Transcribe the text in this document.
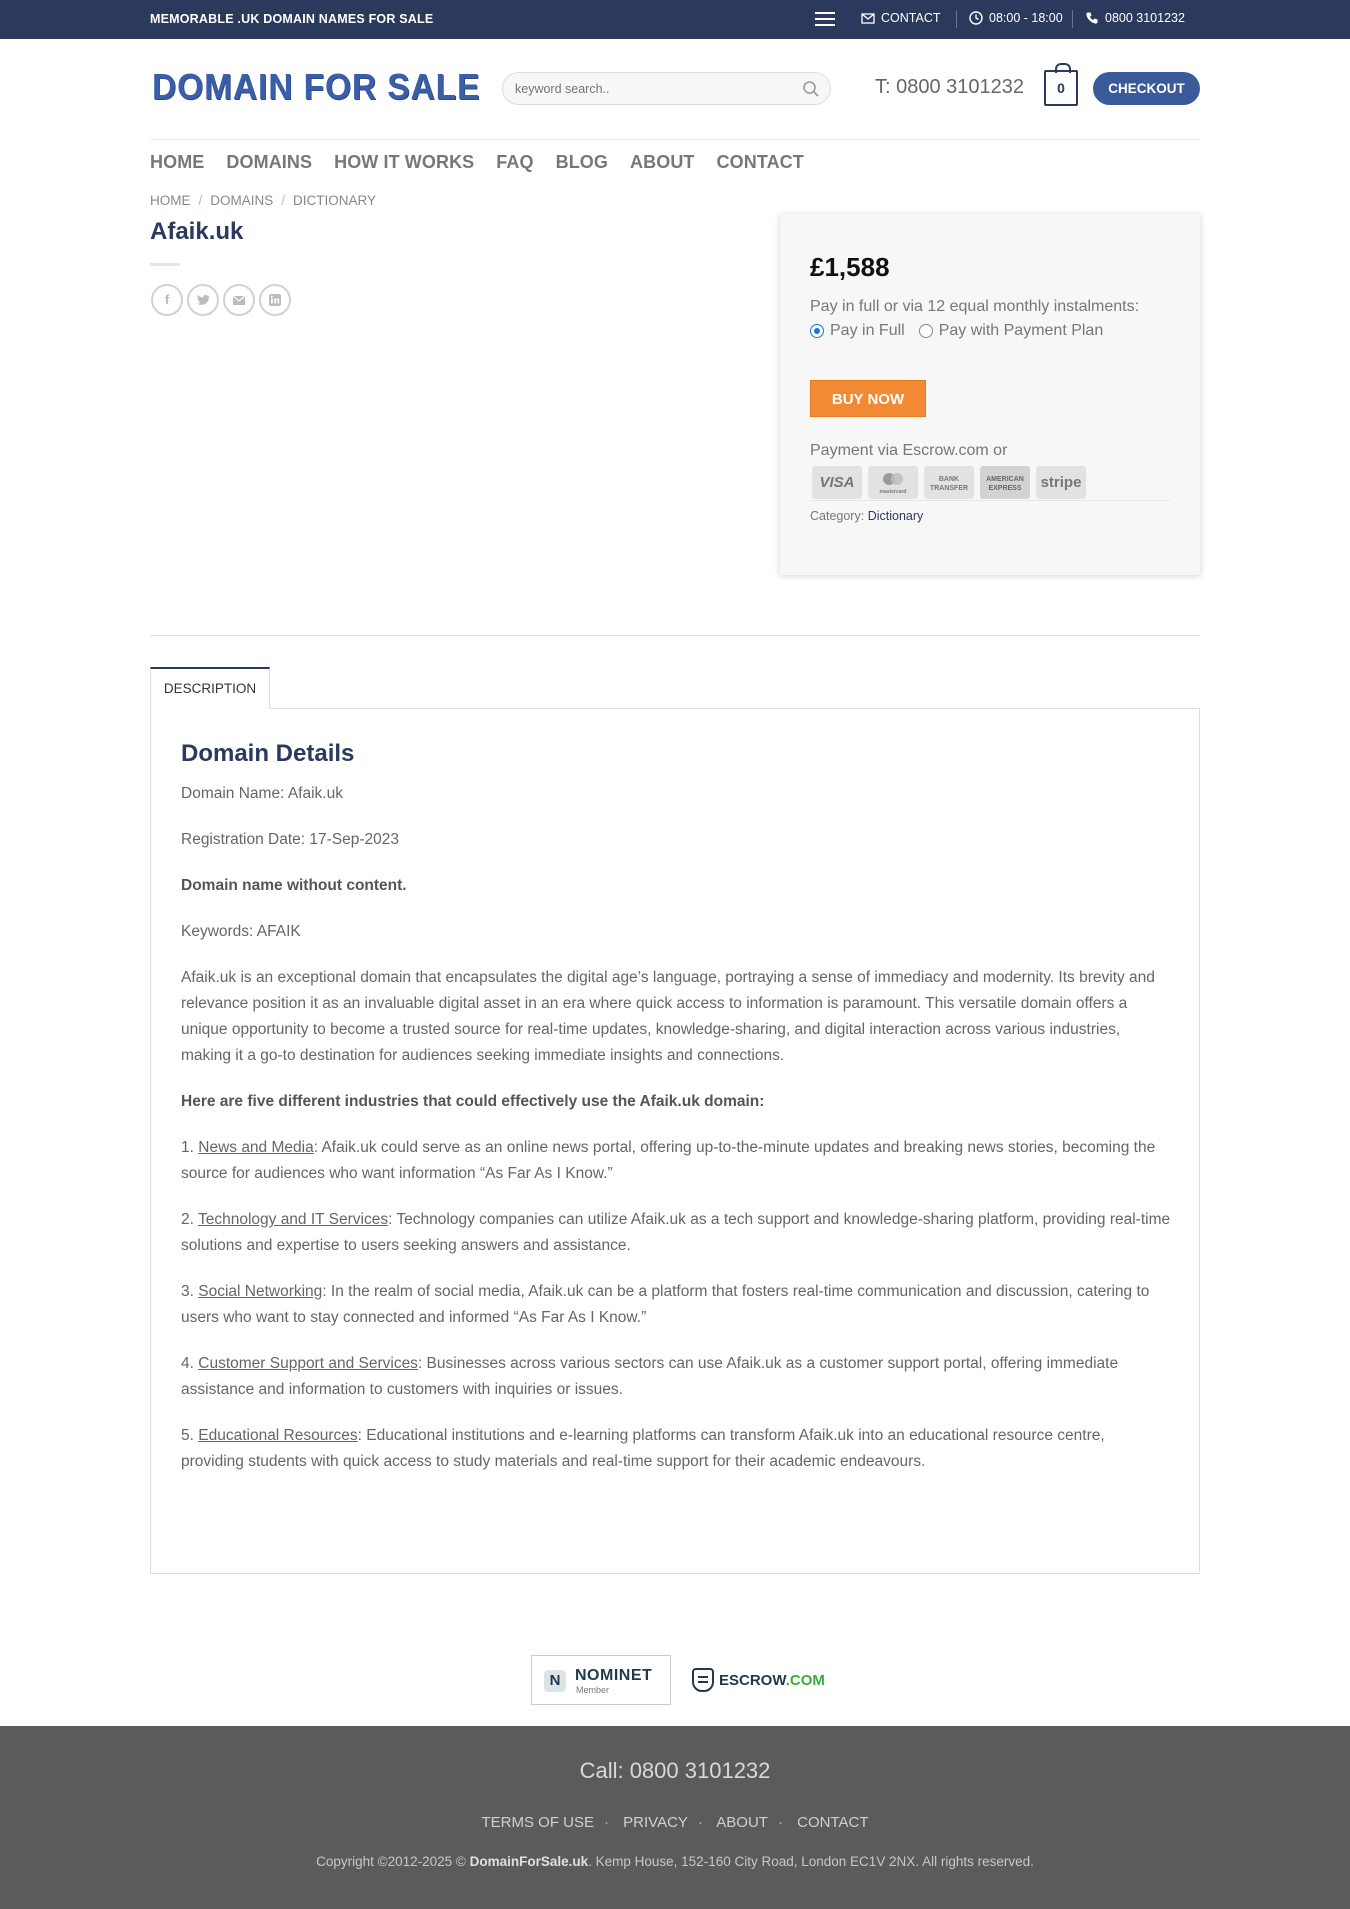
MEMORABLE .UK DOMAIN NAMES FOR SALE	CONTACT	08:00 - 18:00	0800 3101232
DOMAIN FOR SALE
keyword search..	T: 0800 3101232	0	CHECKOUT
HOME DOMAINS HOW IT WORKS FAQ BLOG ABOUT CONTACT
HOME / DOMAINS / DICTIONARY
Afaik.uk
f
£1,588
Pay in full or via 12 equal monthly instalments:
Pay in Full Pay with Payment Plan
BUY NOW
Payment via Escrow.com or
VISA
mastercard
BANK TRANSFER
AMERICAN EXPRESS	stripe
Category: Dictionary
DESCRIPTION
Domain Details

Domain Name: Afaik.uk

Registration Date: 17-Sep-2023

Domain name without content.

Keywords: AFAIK

Afaik.uk is an exceptional domain that encapsulates the digital age’s language, portraying a sense of immediacy and modernity. Its brevity and relevance position it as an invaluable digital asset in an era where quick access to information is paramount. This versatile domain offers a unique opportunity to become a trusted source for real-time updates, knowledge-sharing, and digital interaction across various industries, making it a go-to destination for audiences seeking immediate insights and connections.

Here are five different industries that could effectively use the Afaik.uk domain:

1. News and Media: Afaik.uk could serve as an online news portal, offering up-to-the-minute updates and breaking news stories, becoming the source for audiences who want information “As Far As I Know.”

2. Technology and IT Services: Technology companies can utilize Afaik.uk as a tech support and knowledge-sharing platform, providing real-time solutions and expertise to users seeking answers and assistance.

3. Social Networking: In the realm of social media, Afaik.uk can be a platform that fosters real-time communication and discussion, catering to users who want to stay connected and informed “As Far As I Know.”

4. Customer Support and Services: Businesses across various sectors can use Afaik.uk as a customer support portal, offering immediate assistance and information to customers with inquiries or issues.

5. Educational Resources: Educational institutions and e-learning platforms can transform Afaik.uk into an educational resource centre, providing students with quick access to study materials and real-time support for their academic endeavours.

N NOMINET
Member
ESCROW.COM
Call: 0800 3101232
TERMS OF USE · PRIVACY · ABOUT · CONTACT
Copyright ©2012-2025 © DomainForSale.uk. Kemp House, 152-160 City Road, London EC1V 2NX. All rights reserved.
